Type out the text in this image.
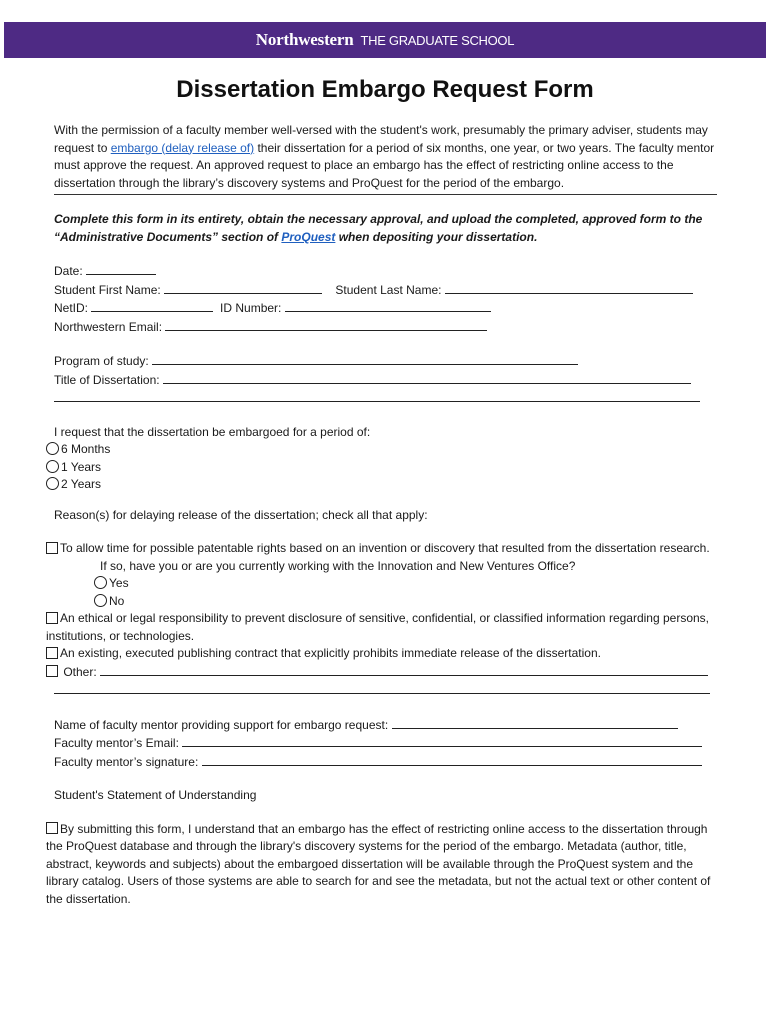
Northwestern THE GRADUATE SCHOOL
Dissertation Embargo Request Form

With the permission of a faculty member well-versed with the student's work, presumably the primary adviser, students may request to embargo (delay release of) their dissertation for a period of six months, one year, or two years. The faculty mentor must approve the request. An approved request to place an embargo has the effect of restricting online access to the dissertation through the library’s discovery systems and ProQuest for the period of the embargo.

Complete this form in its entirety, obtain the necessary approval, and upload the completed, approved form to the “Administrative Documents” section of ProQuest when depositing your dissertation.

Date:

Student First Name:	Student Last Name:

NetID:	ID Number:

Northwestern Email:

Program of study:

Title of Dissertation:

I request that the dissertation be embargoed for a period of:

6 Months

1 Years

2 Years

Reason(s) for delaying release of the dissertation; check all that apply:

To allow time for possible patentable rights based on an invention or discovery that resulted from the dissertation research.

If so, have you or are you currently working with the Innovation and New Ventures Office?

Yes

No

An ethical or legal responsibility to prevent disclosure of sensitive, confidential, or classified information regarding persons, institutions, or technologies.

An existing, executed publishing contract that explicitly prohibits immediate release of the dissertation.

Other:

Name of faculty mentor providing support for embargo request:

Faculty mentor’s Email:

Faculty mentor’s signature:

Student's Statement of Understanding

By submitting this form, I understand that an embargo has the effect of restricting online access to the dissertation through the ProQuest database and through the library's discovery systems for the period of the embargo. Metadata (author, title, abstract, keywords and subjects) about the embargoed dissertation will be available through the ProQuest system and the library catalog. Users of those systems are able to search for and see the metadata, but not the actual text or other content of the dissertation.
